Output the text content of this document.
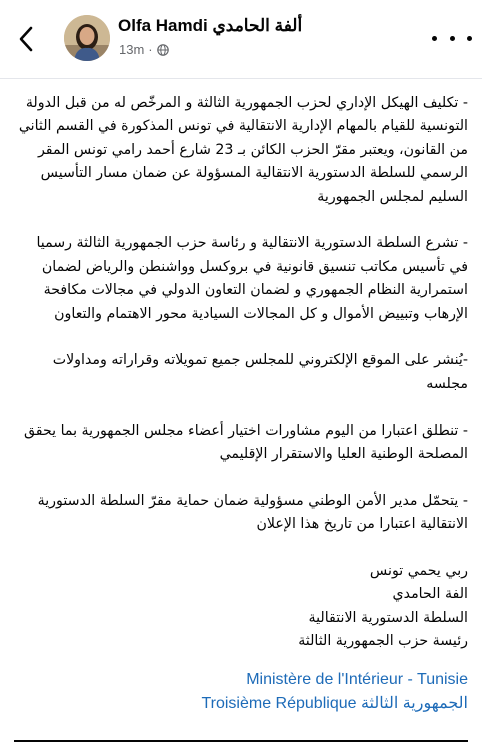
Olfa Hamdi ألفة الحامدي
13m ·

- تكليف الهيكل الإداري لحزب الجمهورية الثالثة و المرخّص له من قبل الدولة التونسية للقيام بالمهام الإدارية الانتقالية في تونس المذكورة في القسم الثاني من القانون، ويعتبر مقرّ الحزب الكائن بـ 23 شارع أحمد رامي تونس المقر الرسمي للسلطة الدستورية الانتقالية المسؤولة عن ضمان مسار التأسيس السليم لمجلس الجمهورية

- تشرع السلطة الدستورية الانتقالية و رئاسة حزب الجمهورية الثالثة رسميا في تأسيس مكاتب تنسيق قانونية في بروكسل وواشنطن والرياض لضمان استمرارية النظام الجمهوري و لضمان التعاون الدولي في مجالات مكافحة الإرهاب وتبييض الأموال و كل المجالات السيادية محور الاهتمام والتعاون

-يُنشر على الموقع الإلكتروني للمجلس جميع تمويلاته وقراراته ومداولات مجلسه

- تنطلق اعتبارا من اليوم مشاورات اختيار أعضاء مجلس الجمهورية بما يحقق المصلحة الوطنية العليا والاستقرار الإقليمي

- يتحمّل مدير الأمن الوطني مسؤولية ضمان حماية مقرّ السلطة الدستورية الانتقالية اعتبارا من تاريخ هذا الإعلان

ربي يحمي تونس
الفة الحامدي
السلطة الدستورية الانتقالية
رئيسة حزب الجمهورية الثالثة
Ministère de l'Intérieur - Tunisie
Troisième République الجمهورية الثالثة
